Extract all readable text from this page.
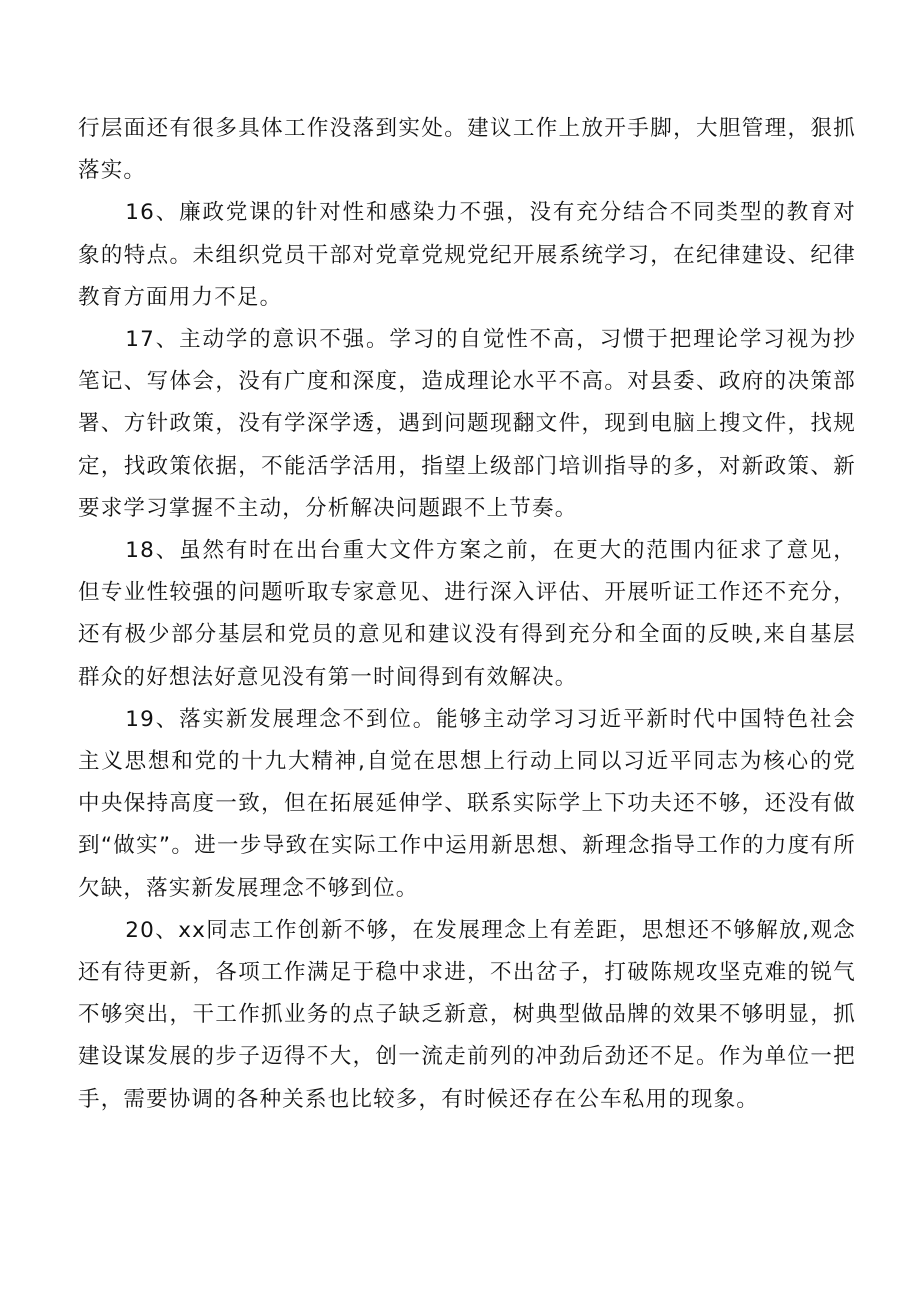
行层面还有很多具体工作没落到实处。建议工作上放开手脚，大胆管理，狠抓落实。

16、廉政党课的针对性和感染力不强，没有充分结合不同类型的教育对象的特点。未组织党员干部对党章党规党纪开展系统学习，在纪律建设、纪律教育方面用力不足。

17、主动学的意识不强。学习的自觉性不高，习惯于把理论学习视为抄笔记、写体会，没有广度和深度，造成理论水平不高。对县委、政府的决策部署、方针政策，没有学深学透，遇到问题现翻文件，现到电脑上搜文件，找规定，找政策依据，不能活学活用，指望上级部门培训指导的多，对新政策、新要求学习掌握不主动，分析解决问题跟不上节奏。

18、虽然有时在出台重大文件方案之前，在更大的范围内征求了意见，但专业性较强的问题听取专家意见、进行深入评估、开展听证工作还不充分，还有极少部分基层和党员的意见和建议没有得到充分和全面的反映,来自基层群众的好想法好意见没有第一时间得到有效解决。

19、落实新发展理念不到位。能够主动学习习近平新时代中国特色社会主义思想和党的十九大精神,自觉在思想上行动上同以习近平同志为核心的党中央保持高度一致，但在拓展延伸学、联系实际学上下功夫还不够，还没有做到“做实”。进一步导致在实际工作中运用新思想、新理念指导工作的力度有所欠缺，落实新发展理念不够到位。

20、xx同志工作创新不够，在发展理念上有差距，思想还不够解放,观念还有待更新，各项工作满足于稳中求进，不出岔子，打破陈规攻坚克难的锐气不够突出，干工作抓业务的点子缺乏新意，树典型做品牌的效果不够明显，抓建设谋发展的步子迈得不大，创一流走前列的冲劲后劲还不足。作为单位一把手，需要协调的各种关系也比较多，有时候还存在公车私用的现象。
